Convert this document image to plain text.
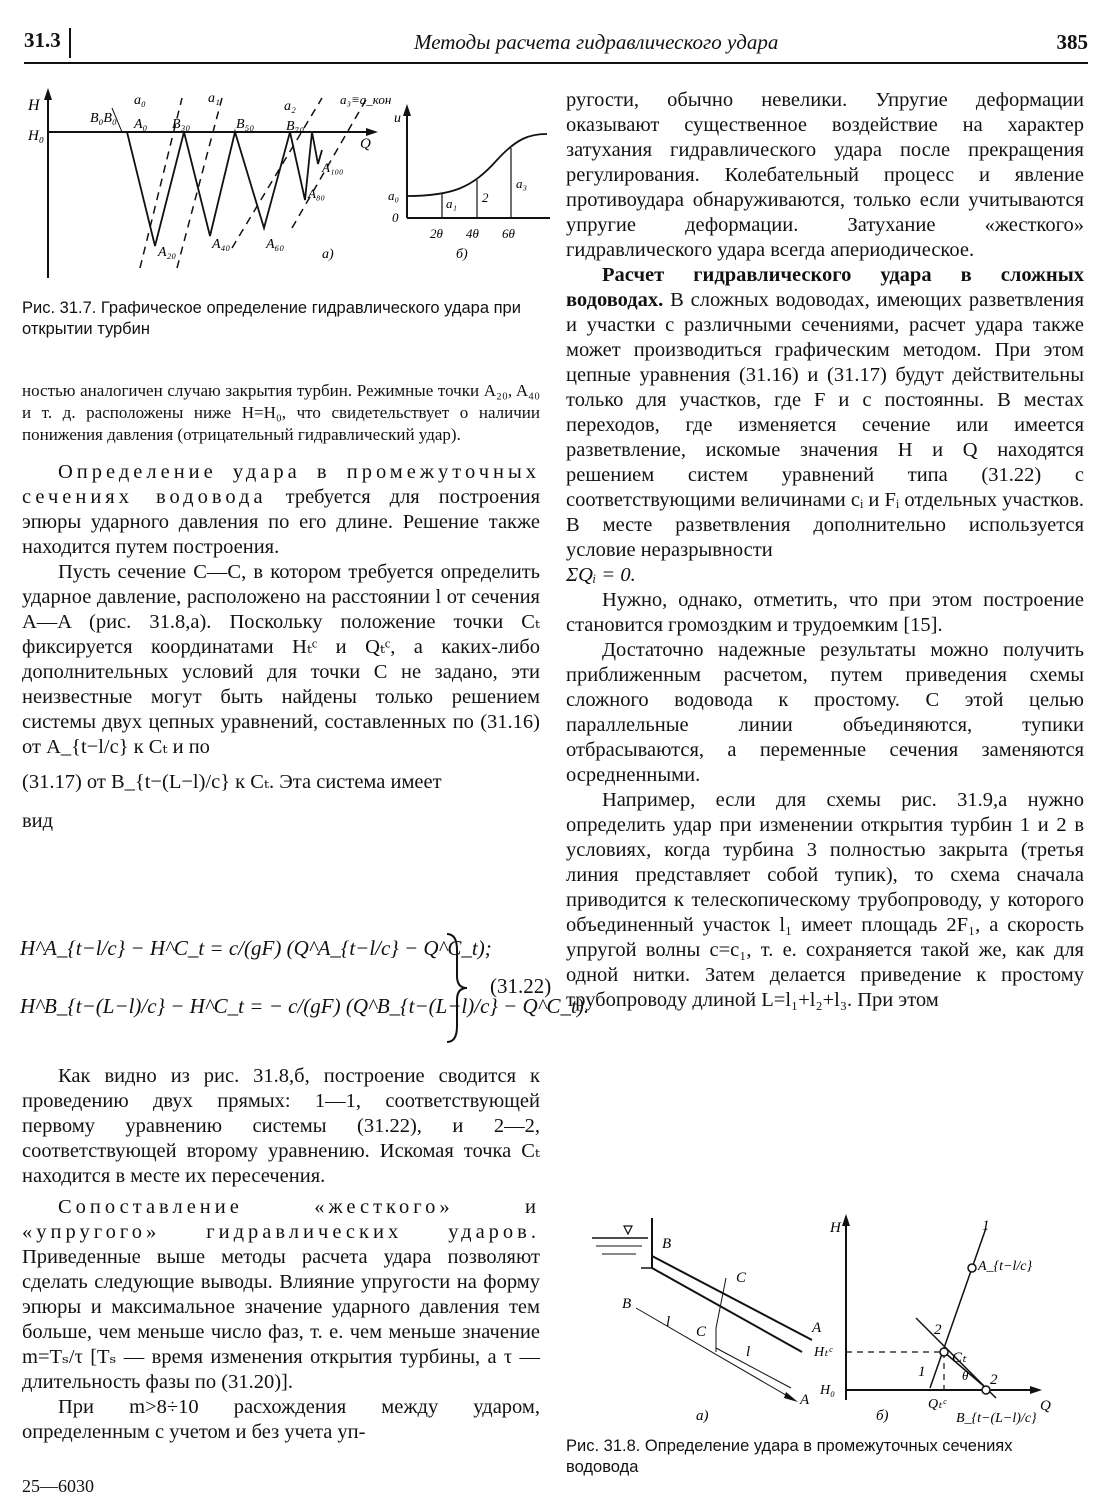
31.3	Методы расчета гидравлического удара	385
H
H₀	Q
B₀B₀
a₀
A₀
a₁
B₃₀	B₅₀
a₂
B₇₀
a₃≡a_кон
A₁₀₀
A₈₀
A₂₀
A₄₀	A₆₀
а)
u
a₀
0
a₁ 2
a₃
2θ 4θ 6θ
б)
Рис. 31.7. Графическое определение гидравлического удара при открытии турбин

ностью аналогичен случаю закрытия турбин. Режимные точки A₂₀, A₄₀ и т. д. расположены ниже H=H₀, что свидетельствует о наличии понижения давления (отрицательный гидравлический удар).

Определение удара в промежуточных сечениях водовода требуется для построения эпюры ударного давления по его длине. Решение также находится путем построения.

Пусть сечение C—C, в котором требуется определить ударное давление, расположено на расстоянии l от сечения A—A (рис. 31.8,а). Поскольку положение точки Cₜ фиксируется координатами Hₜᶜ и Qₜᶜ, а каких-либо дополнительных условий для точки C не задано, эти неизвестные могут быть найдены только решением системы двух цепных уравнений, составленных по (31.16) от A_{t−l/c} к Cₜ и по

(31.17) от B_{t−(L−l)/c} к Cₜ. Эта система имеет

вид

H^A_{t−l/c} − H^C_t = c/(gF) (Q^A_{t−l/c} − Q^C_t);
H^B_{t−(L−l)/c} − H^C_t = − c/(gF) (Q^B_{t−(L−l)/c} − Q^C_t).
(31.22)

Как видно из рис. 31.8,б, построение сводится к проведению двух прямых: 1—1, соответствующей первому уравнению системы (31.22), и 2—2, соответствующей второму уравнению. Искомая точка Cₜ находится в месте их пересечения.

Сопоставление «жесткого» и «упругого» гидравлических ударов. Приведенные выше методы расчета удара позволяют сделать следующие выводы. Влияние упругости на форму эпюры и максимальное значение ударного давления тем больше, чем меньше число фаз, т. е. чем меньше значение m=Tₛ/τ [Tₛ — время изменения открытия турбины, а τ — длительность фазы по (31.20)].

При m>8÷10 расхождения между ударом, определенным с учетом и без учета уп-

ругости, обычно невелики. Упругие деформации оказывают существенное воздействие на характер затухания гидравлического удара после прекращения регулирования. Колебательный процесс и явление противоудара обнаруживаются, только если учитываются упругие деформации. Затухание «жесткого» гидравлического удара всегда апериодическое.

Расчет гидравлического удара в сложных водоводах. В сложных водоводах, имеющих разветвления и участки с различными сечениями, расчет удара также может производиться графическим методом. При этом цепные уравнения (31.16) и (31.17) будут действительны только для участков, где F и c постоянны. В местах переходов, где изменяется сечение или имеется разветвление, искомые значения H и Q находятся решением систем уравнений типа (31.22) с соответствующими величинами cᵢ и Fᵢ отдельных участков. В месте разветвления дополнительно используется условие неразрывности

ΣQᵢ = 0.

Нужно, однако, отметить, что при этом построение становится громоздким и трудоемким [15].

Достаточно надежные результаты можно получить приближенным расчетом, путем приведения схемы сложного водовода к простому. С этой целью параллельные линии объединяются, тупики отбрасываются, а переменные сечения заменяются осредненными.

Например, если для схемы рис. 31.9,а нужно определить удар при изменении открытия турбин 1 и 2 в условиях, когда турбина 3 полностью закрыта (третья линия представляет собой тупик), то схема сначала приводится к телескопическому трубопроводу, у которого объединенный участок l₁ имеет площадь 2F₁, а скорость упругой волны c=c₁, т. е. сохраняется такой же, как для одной нитки. Затем делается приведение к простому трубопроводу длиной L=l₁+l₂+l₃. При этом

B
C
A
B
l
C
l
A
а)
H
Hₜᶜ
H₀
Q
Qₜᶜ
1
A_{t−l/c}
2
Cₜ
1	θ 2
B_{t−(L−l)/c}
б)
Рис. 31.8. Определение удара в промежуточных сечениях водовода
25—6030
